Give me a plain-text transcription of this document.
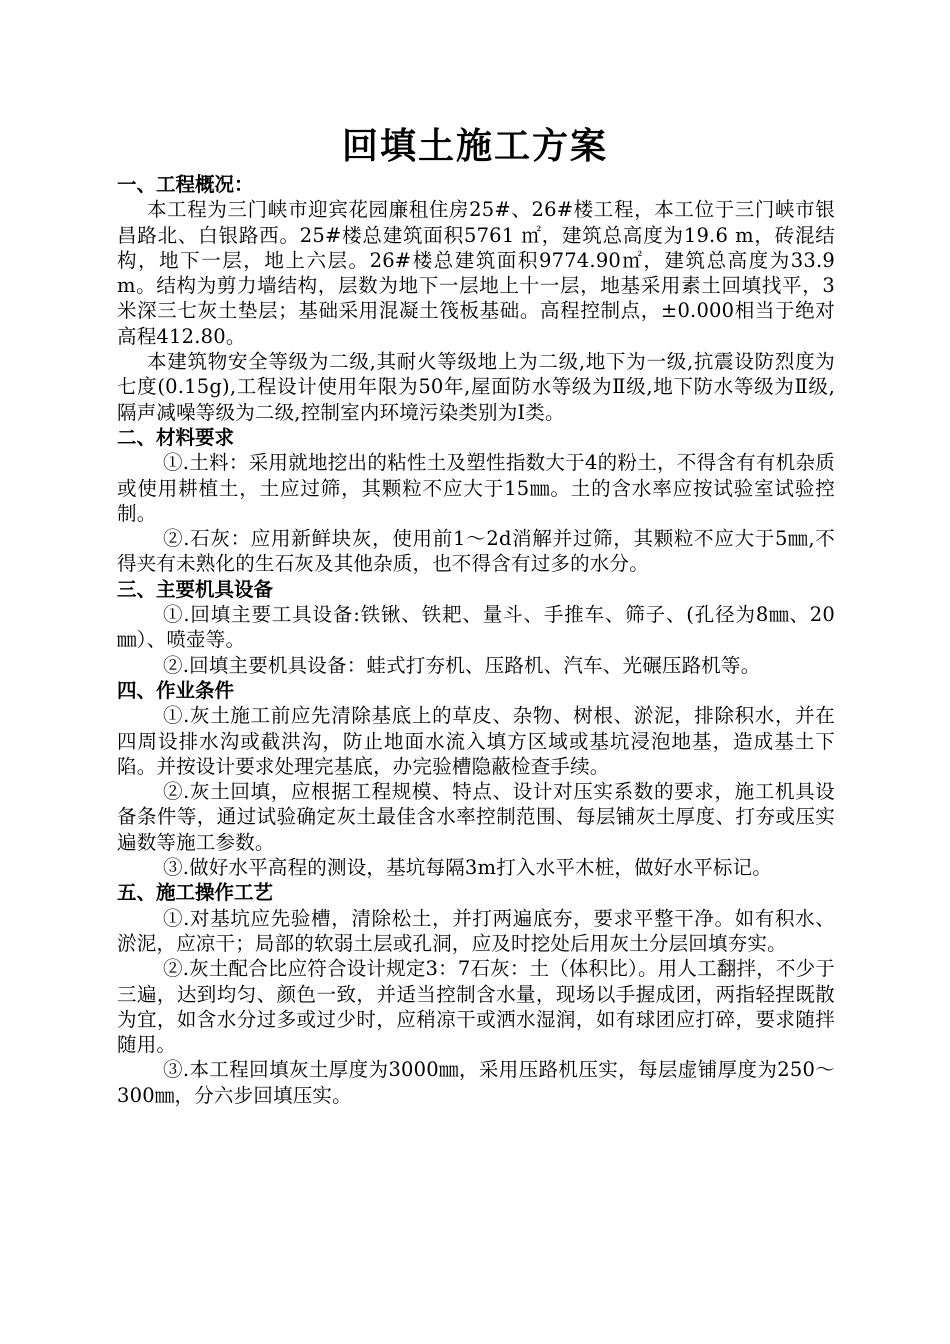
回填土施工方案

一、工程概况：

本工程为三门峡市迎宾花园廉租住房25#、26#楼工程，本工位于三门峡市银昌路北、白银路西。25#楼总建筑面积5761 ㎡，建筑总高度为19.6 m，砖混结构，地下一层，地上六层。26#楼总建筑面积9774.90㎡，建筑总高度为33.9 m。结构为剪力墙结构，层数为地下一层地上十一层，地基采用素土回填找平，3米深三七灰土垫层；基础采用混凝土筏板基础。高程控制点，±0.000相当于绝对高程412.80。

本建筑物安全等级为二级,其耐火等级地上为二级,地下为一级,抗震设防烈度为七度(0.15g),工程设计使用年限为50年,屋面防水等级为Ⅱ级,地下防水等级为Ⅱ级,隔声减噪等级为二级,控制室内环境污染类别为Ⅰ类。

二、材料要求

①.土料：采用就地挖出的粘性土及塑性指数大于4的粉土，不得含有有机杂质或使用耕植土，土应过筛，其颗粒不应大于15㎜。土的含水率应按试验室试验控制。

②.石灰：应用新鲜块灰，使用前1～2d消解并过筛，其颗粒不应大于5㎜,不得夹有未熟化的生石灰及其他杂质，也不得含有过多的水分。

三、主要机具设备

①.回填主要工具设备:铁锹、铁耙、量斗、手推车、筛子、(孔径为8㎜、20㎜）、喷壶等。

②.回填主要机具设备：蛙式打夯机、压路机、汽车、光碾压路机等。

四、作业条件

①.灰土施工前应先清除基底上的草皮、杂物、树根、淤泥，排除积水，并在四周设排水沟或截洪沟，防止地面水流入填方区域或基坑浸泡地基，造成基土下陷。并按设计要求处理完基底，办完验槽隐蔽检查手续。

②.灰土回填，应根据工程规模、特点、设计对压实系数的要求，施工机具设备条件等，通过试验确定灰土最佳含水率控制范围、每层铺灰土厚度、打夯或压实遍数等施工参数。

③.做好水平高程的测设，基坑每隔3m打入水平木桩，做好水平标记。

五、施工操作工艺

①.对基坑应先验槽，清除松土，并打两遍底夯，要求平整干净。如有积水、淤泥，应凉干；局部的软弱土层或孔洞，应及时挖处后用灰土分层回填夯实。

②.灰土配合比应符合设计规定3：7石灰：土（体积比）。用人工翻拌，不少于三遍，达到均匀、颜色一致，并适当控制含水量，现场以手握成团，两指轻捏既散为宜，如含水分过多或过少时，应稍凉干或洒水湿润，如有球团应打碎，要求随拌随用。

③.本工程回填灰土厚度为3000㎜，采用压路机压实，每层虚铺厚度为250～300㎜，分六步回填压实。
